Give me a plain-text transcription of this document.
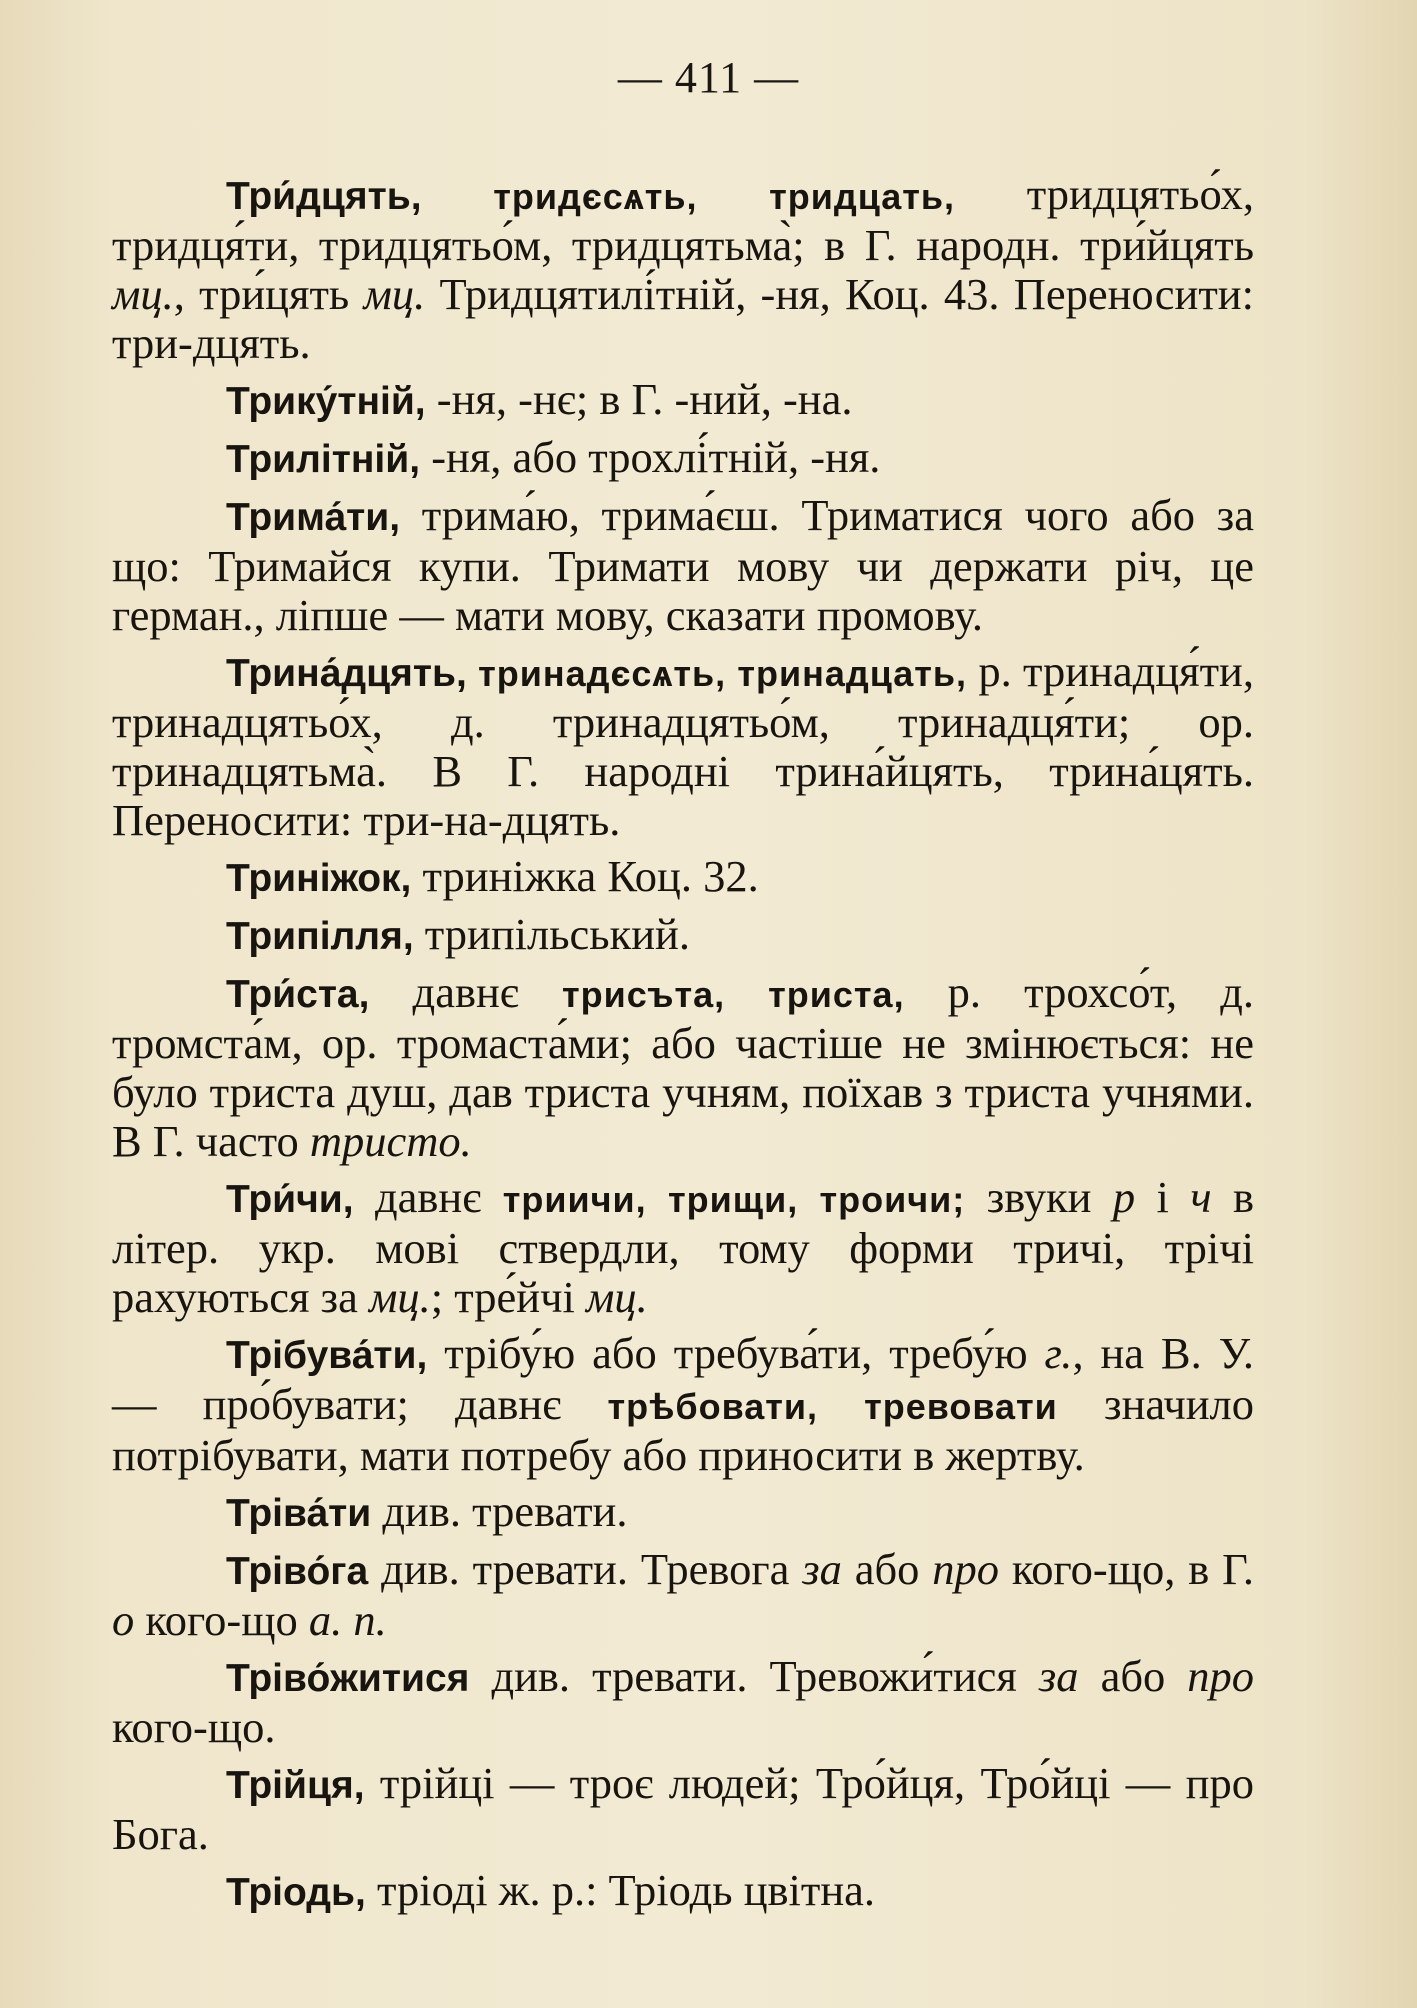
— 411 —

Три́дцять, тридєсѧть, тридцать, тридцятьо́х, тридця́ти, тридцятьо́м, тридцятьма̀; в Г. народн. три́йцять мц., три́цять мц. Тридцятилі́тній, -ня, Коц. 43. Переносити: три-дцять.

Трику́тній, -ня, -нє; в Г. -ний, -на.

Трилітній, -ня, або трохлі́тній, -ня.

Трима́ти, трима́ю, трима́єш. Триматися чого або за що: Тримайся купи. Тримати мову чи держати річ, це герман., ліпше — мати мову, сказати промову.

Трина́дцять, тринадєсѧть, тринадцать, р. тринадця́ти, тринадцятьо́х, д. тринадцятьо́м, тринадця́ти; ор. тринадцятьма̀. В Г. народні трина́йцять, трина́цять. Переносити: три-на-дцять.

Триніжок, триніжка Коц. 32.

Трипілля, трипільський.

Три́ста, давнє трисъта, триста, р. трохсо́т, д. тромста́м, ор. тромаста́ми; або частіше не змінюється: не було триста душ, дав триста учням, поїхав з триста учнями. В Г. часто тристо.

Три́чи, давнє триичи, трищи, троичи; звуки р і ч в літер. укр. мові ствердли, тому форми тричі, трічі рахуються за мц.; тре́йчі мц.

Трібува́ти, трібу́ю або требува́ти, требу́ю г., на В. У. — про́бувати; давнє трѣбовати, тревовати значило потрібувати, мати потребу або приносити в жертву.

Тріва́ти див. тревати.

Тріво́га див. тревати. Тревога за або про кого-що, в Г. о кого-що а. п.

Тріво́житися див. тревати. Тревожи́тися за або про кого-що.

Трійця, трійці — троє людей; Тро́йця, Тро́йці — про Бога.

Тріодь, тріоді ж. р.: Тріодь цвітна.
